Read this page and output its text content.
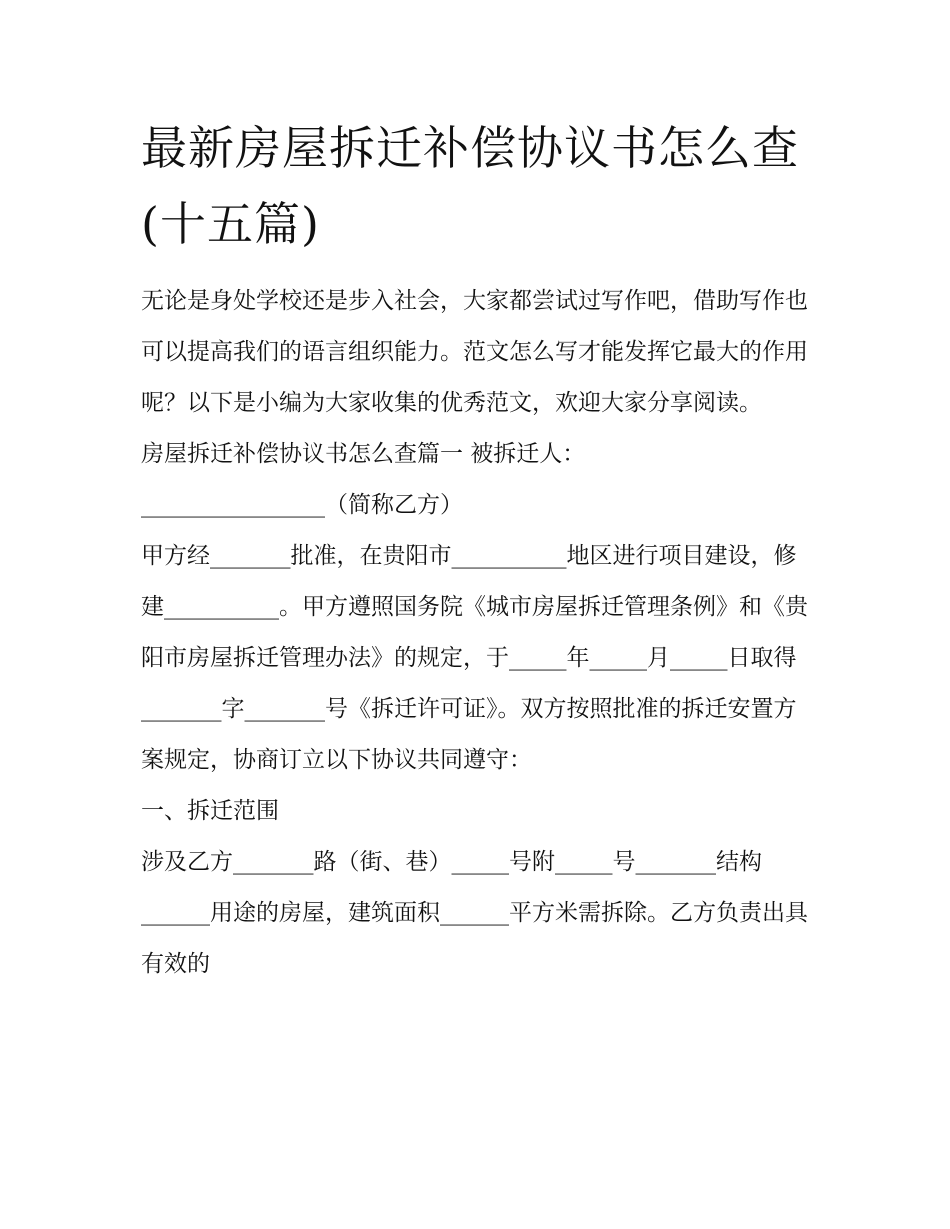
最新房屋拆迁补偿协议书怎么查(十五篇)

无论是身处学校还是步入社会，大家都尝试过写作吧，借助写作也可以提高我们的语言组织能力。范文怎么写才能发挥它最大的作用呢？以下是小编为大家收集的优秀范文，欢迎大家分享阅读。

房屋拆迁补偿协议书怎么查篇一 被拆迁人：

________________（简称乙方）

甲方经_______批准，在贵阳市__________地区进行项目建设，修建__________。甲方遵照国务院《城市房屋拆迁管理条例》和《贵阳市房屋拆迁管理办法》的规定，于_____年_____月_____日取得_______字_______号《拆迁许可证》。双方按照批准的拆迁安置方案规定，协商订立以下协议共同遵守：

一、拆迁范围

涉及乙方_______路（街、巷）_____号附_____号_______结构______用途的房屋，建筑面积______平方米需拆除。乙方负责出具有效的
